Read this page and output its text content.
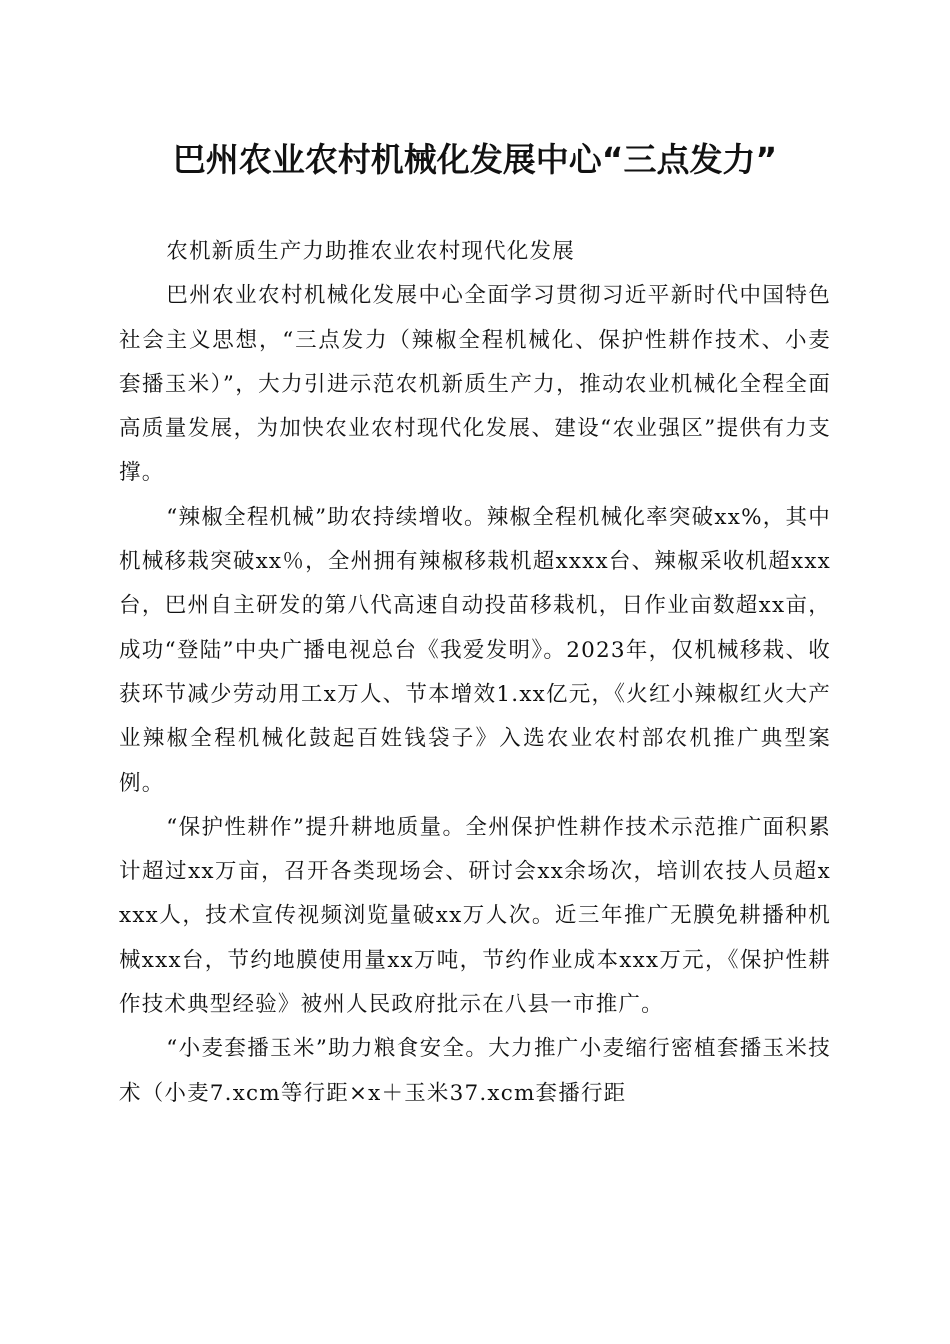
巴州农业农村机械化发展中心“三点发力”

农机新质生产力助推农业农村现代化发展

巴州农业农村机械化发展中心全面学习贯彻习近平新时代中国特色社会主义思想，“三点发力（辣椒全程机械化、保护性耕作技术、小麦套播玉米）”，大力引进示范农机新质生产力，推动农业机械化全程全面高质量发展，为加快农业农村现代化发展、建设“农业强区”提供有力支撑。

“辣椒全程机械”助农持续增收。辣椒全程机械化率突破xx%，其中机械移栽突破xx％，全州拥有辣椒移栽机超xxxx台、辣椒采收机超xxx台，巴州自主研发的第八代高速自动投苗移栽机，日作业亩数超xx亩，成功“登陆”中央广播电视总台《我爱发明》。2023年，仅机械移栽、收获环节减少劳动用工x万人、节本增效1.xx亿元，《火红小辣椒红火大产业辣椒全程机械化鼓起百姓钱袋子》入选农业农村部农机推广典型案例。

“保护性耕作”提升耕地质量。全州保护性耕作技术示范推广面积累计超过xx万亩，召开各类现场会、研讨会xx余场次，培训农技人员超xxxx人，技术宣传视频浏览量破xx万人次。近三年推广无膜免耕播种机械xxx台，节约地膜使用量xx万吨，节约作业成本xxx万元，《保护性耕作技术典型经验》被州人民政府批示在八县一市推广。

“小麦套播玉米”助力粮食安全。大力推广小麦缩行密植套播玉米技术（小麦7.xcm等行距×x＋玉米37.xcm套播行距
